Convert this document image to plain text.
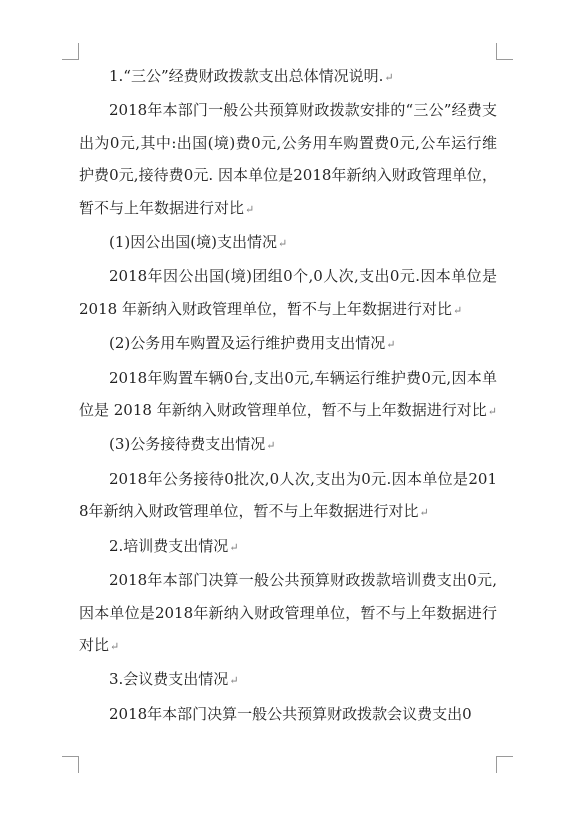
1.“三公”经费财政拨款支出总体情况说明.↵

2018年本部门一般公共预算财政拨款安排的“三公”经费支出为0元,其中:出国(境)费0元,公务用车购置费0元,公车运行维护费0元,接待费0元. 因本单位是2018年新纳入财政管理单位，暂不与上年数据进行对比↵

(1)因公出国(境)支出情况↵

2018年因公出国(境)团组0个,0人次,支出0元.因本单位是 2018 年新纳入财政管理单位，暂不与上年数据进行对比↵

(2)公务用车购置及运行维护费用支出情况↵

2018年购置车辆0台,支出0元,车辆运行维护费0元,因本单位是 2018 年新纳入财政管理单位，暂不与上年数据进行对比↵

(3)公务接待费支出情况↵

2018年公务接待0批次,0人次,支出为0元.因本单位是2018年新纳入财政管理单位，暂不与上年数据进行对比↵

2.培训费支出情况↵

2018年本部门决算一般公共预算财政拨款培训费支出0元,因本单位是2018年新纳入财政管理单位，暂不与上年数据进行对比↵

3.会议费支出情况↵

2018年本部门决算一般公共预算财政拨款会议费支出0
